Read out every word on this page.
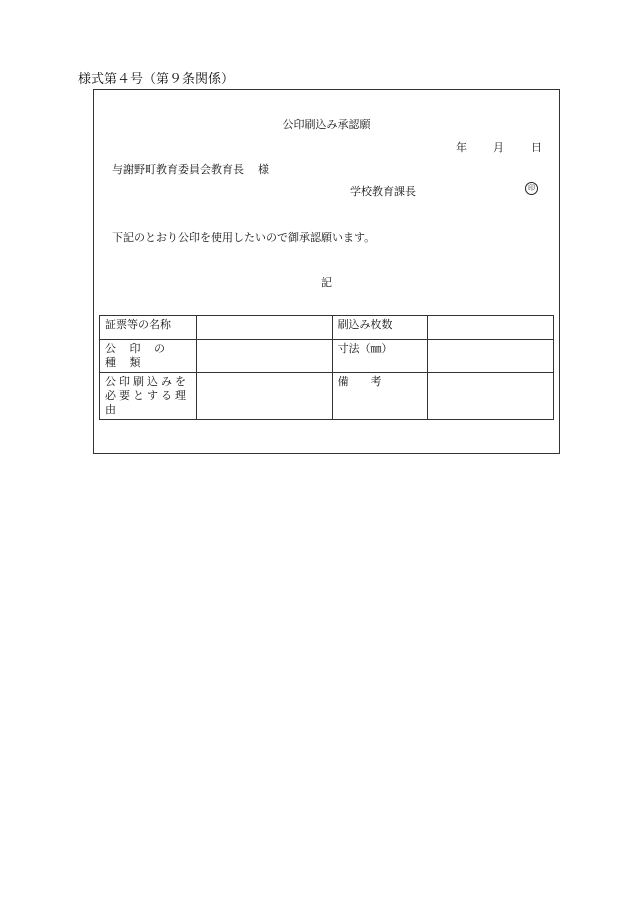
様式第４号（第９条関係）
公印刷込み承認願
年 月 日
与謝野町教育委員会教育長 様
学校教育課長	印
下記のとおり公印を使用したいので御承認願います。
記
証票等の名称		刷込み枚数	
公 印 の 種 類		寸法（㎜）	

公印刷込みを必要とする理由		備　　考	
